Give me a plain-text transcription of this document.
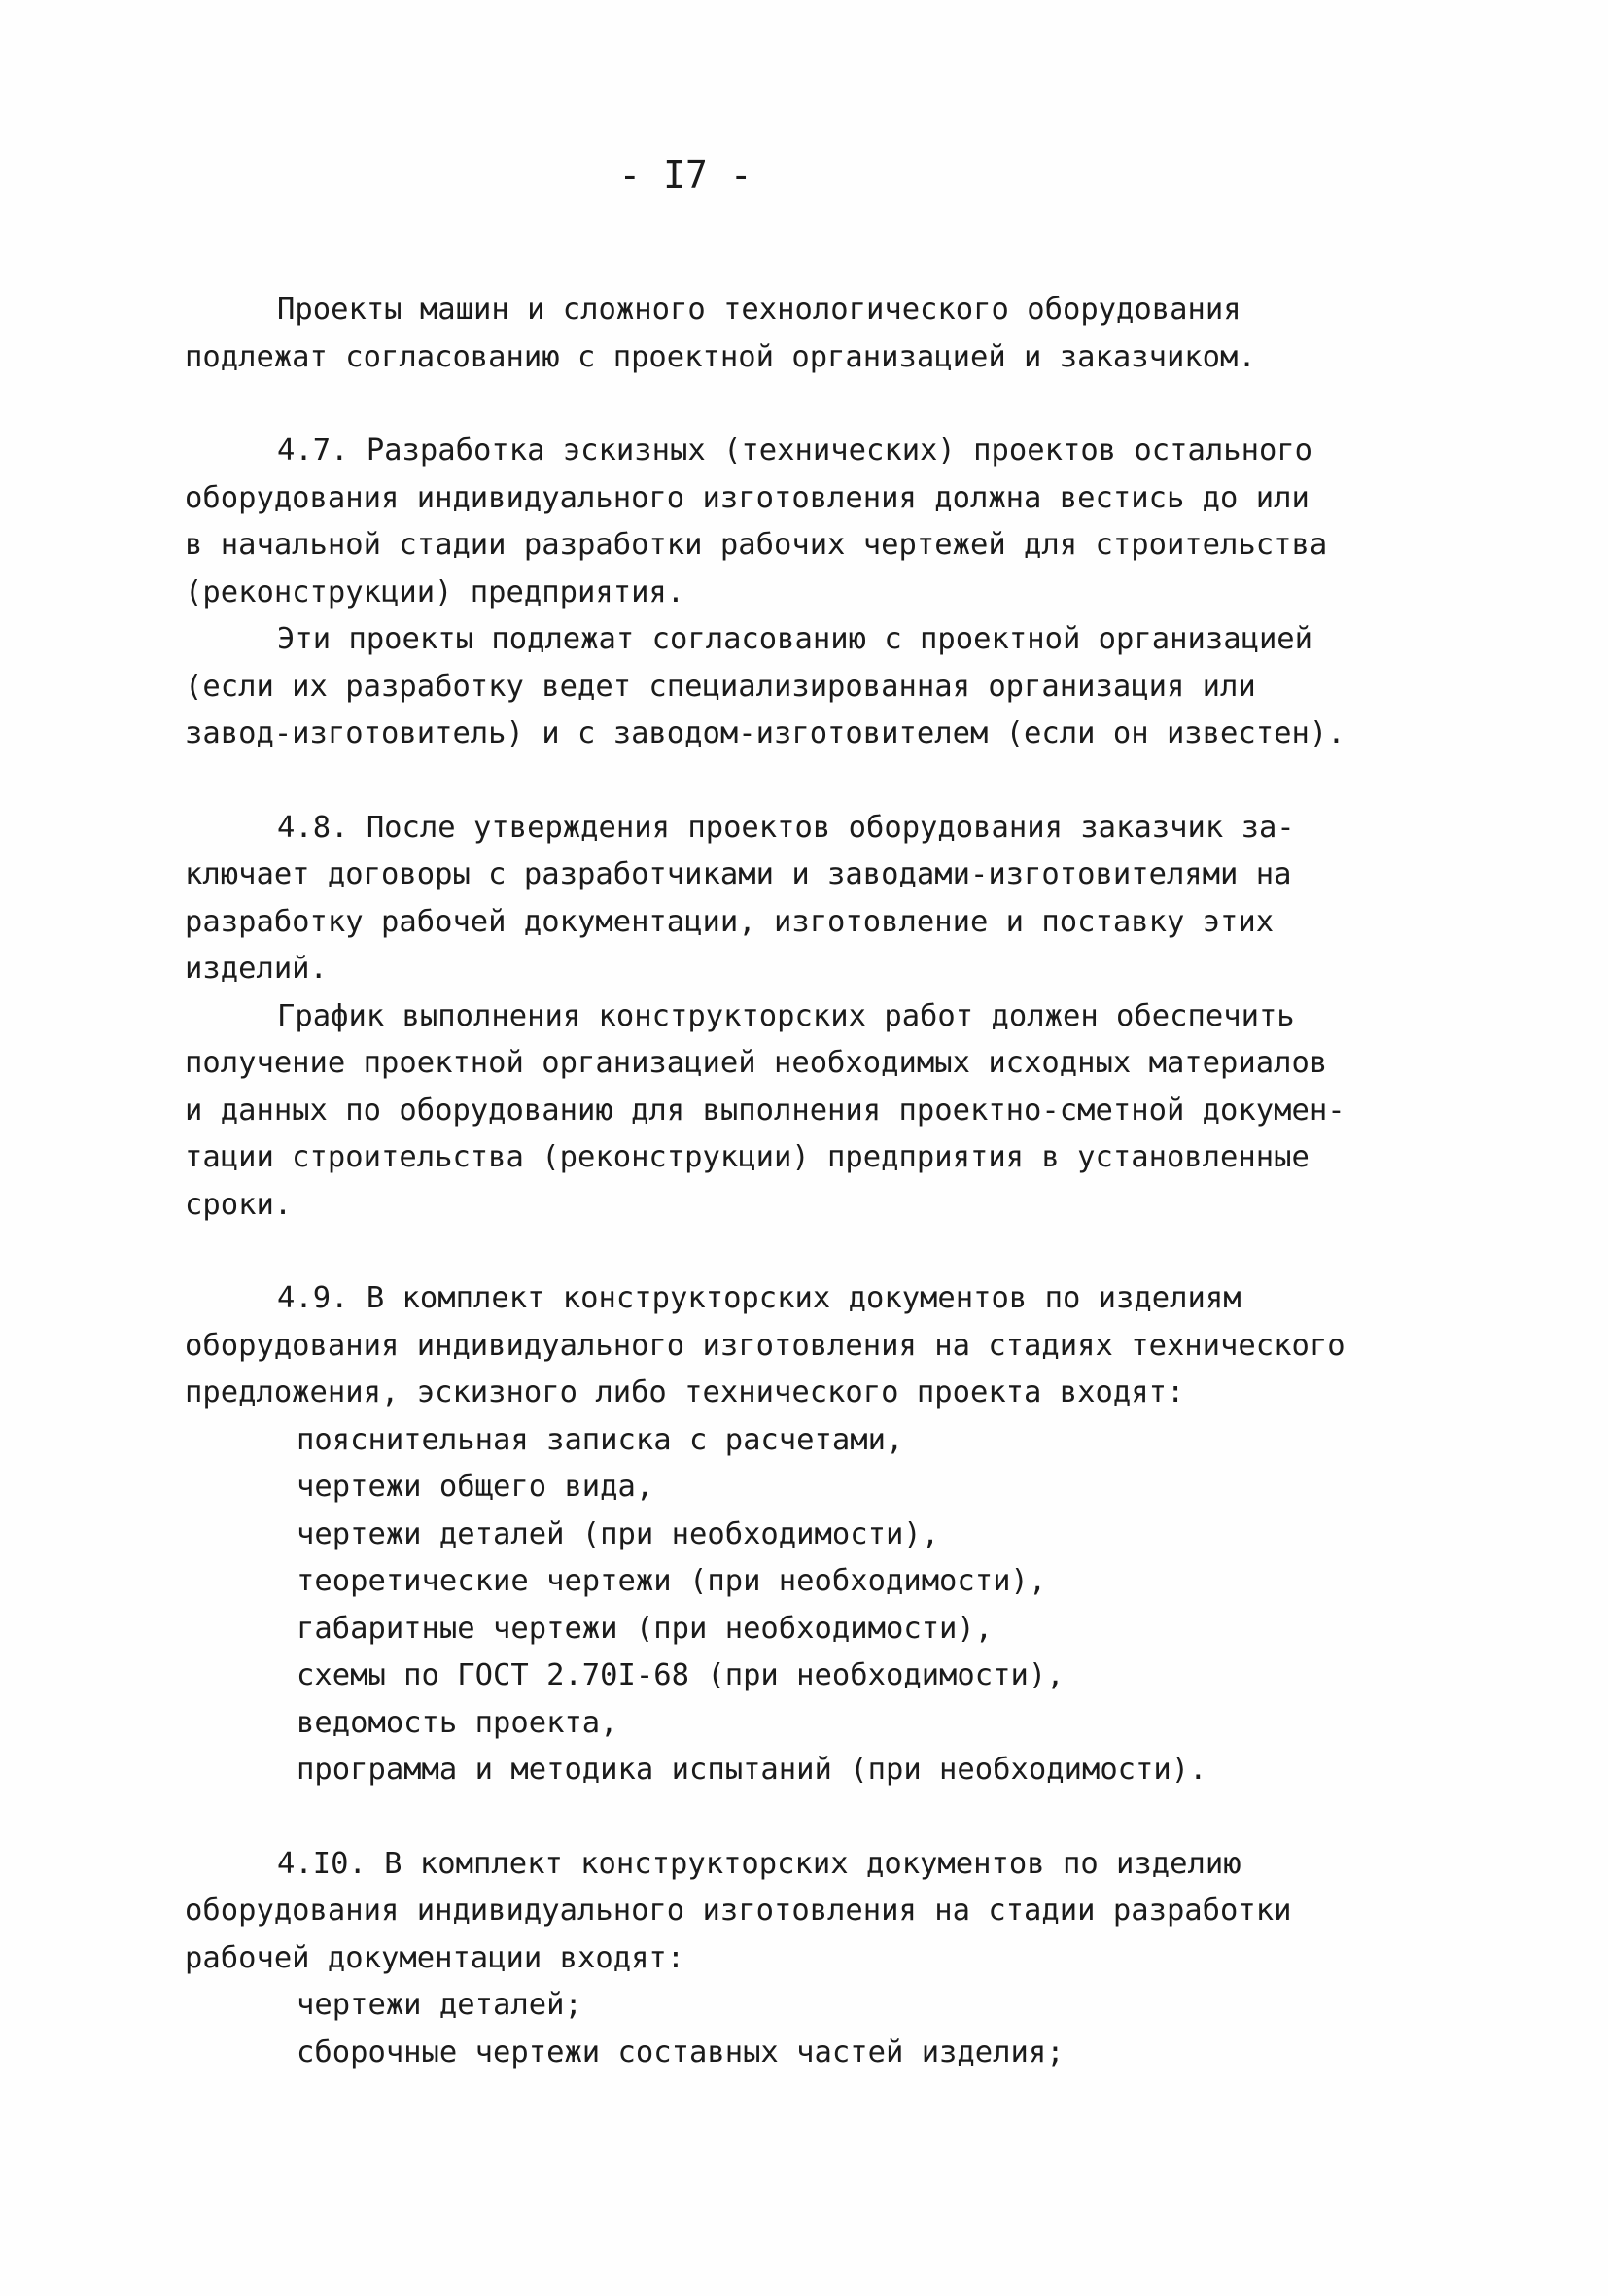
- I7 -
Проекты машин и сложного технологического оборудования
подлежат согласованию с проектной организацией и заказчиком.
4.7. Разработка эскизных (технических) проектов остального
оборудования индивидуального изготовления должна вестись до или
в начальной стадии разработки рабочих чертежей для строительства
(реконструкции) предприятия.
Эти проекты подлежат согласованию с проектной организацией
(если их разработку ведет специализированная организация или
завод-изготовитель) и с заводом-изготовителем (если он известен).
4.8. После утверждения проектов оборудования заказчик за-
ключает договоры с разработчиками и заводами-изготовителями на
разработку рабочей документации, изготовление и поставку этих
изделий.
График выполнения конструкторских работ должен обеспечить
получение проектной организацией необходимых исходных материалов
и данных по оборудованию для выполнения проектно-сметной докумен-
тации строительства (реконструкции) предприятия в установленные
сроки.
4.9. В комплект конструкторских документов по изделиям
оборудования индивидуального изготовления на стадиях технического
предложения, эскизного либо технического проекта входят:
пояснительная записка с расчетами,
чертежи общего вида,
чертежи деталей (при необходимости),
теоретические чертежи (при необходимости),
габаритные чертежи (при необходимости),
схемы по ГОСТ 2.70I-68 (при необходимости),
ведомость проекта,
программа и методика испытаний (при необходимости).
4.I0. В комплект конструкторских документов по изделию
оборудования индивидуального изготовления на стадии разработки
рабочей документации входят:
чертежи деталей;
сборочные чертежи составных частей изделия;
